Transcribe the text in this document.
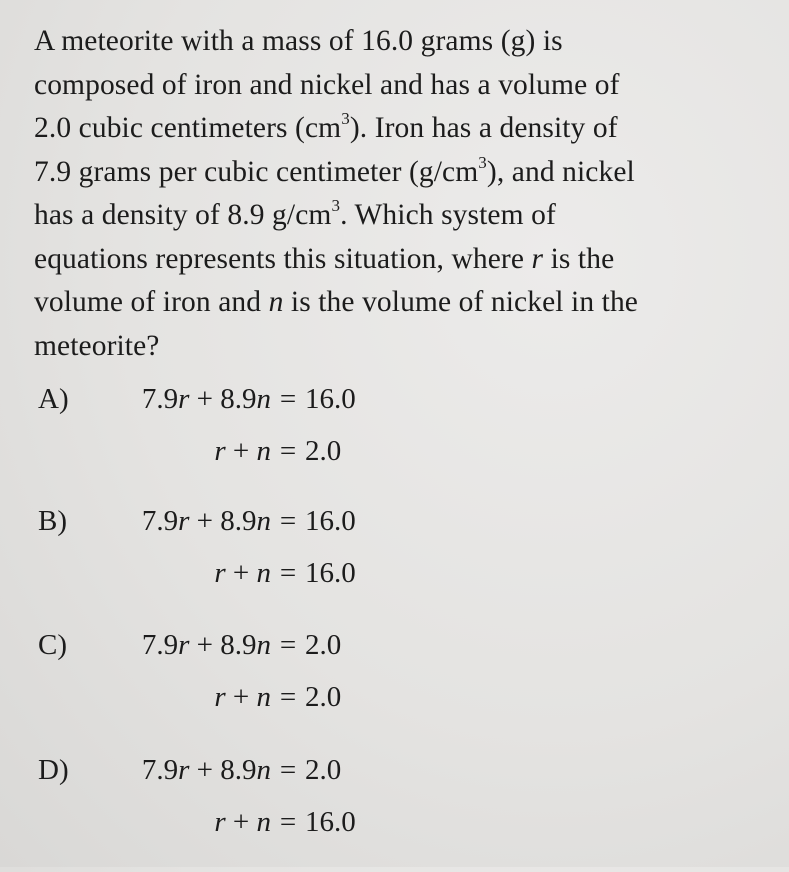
A meteorite with a mass of 16.0 grams (g) is
composed of iron and nickel and has a volume of
2.0 cubic centimeters $(cm^3)$. Iron has a density of
7.9 grams per cubic centimeter $(g/cm^3)$, and nickel
has a density of 8.9 $g/cm^3$. Which system of
equations represents this situation, where r is the
volume of iron and n is the volume of nickel in the
meteorite?

A)	7.9r + 8.9n = 16.0
r + n = 2.0
B)	7.9r + 8.9n = 16.0
r + n = 16.0
C)	7.9r + 8.9n = 2.0
r + n = 2.0
D)	7.9r + 8.9n = 2.0
r + n = 16.0
